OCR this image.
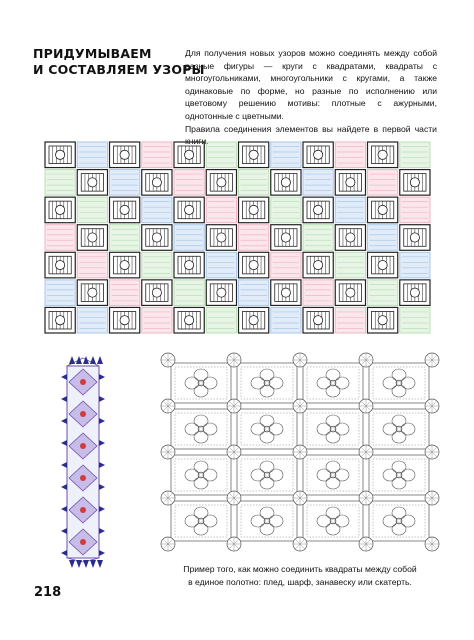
ПРИДУМЫВАЕМ
И СОСТАВЛЯЕМ УЗОРЫ

Для получения новых узоров можно соединять между собой разные фигуры — круги с квадратами, квадраты с многоугольниками, многоугольники с кругами, а также одинаковые по форме, но разные по исполнению или цветовому решению мотивы: плотные с ажурными, однотонные с цветными.

Правила соединения элементов вы найдете в первой части книги.

Пример того, как можно соединить квадраты между собой
в единое полотно: плед, шарф, занавеску или скатерть.
218
